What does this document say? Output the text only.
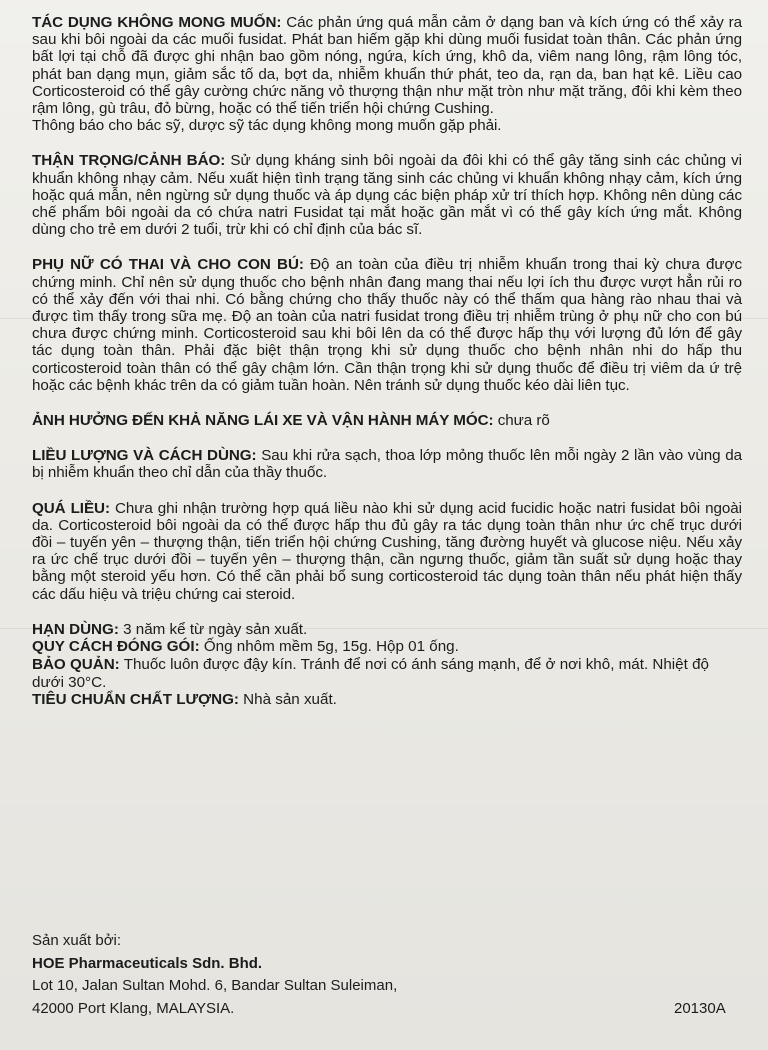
TÁC DỤNG KHÔNG MONG MUỐN: Các phản ứng quá mẫn cảm ở dạng ban và kích ứng có thể xảy ra sau khi bôi ngoài da các muối fusidat. Phát ban hiếm gặp khi dùng muối fusidat toàn thân. Các phản ứng bất lợi tại chỗ đã được ghi nhận bao gồm nóng, ngứa, kích ứng, khô da, viêm nang lông, rậm lông tóc, phát ban dạng mụn, giảm sắc tố da, bợt da, nhiễm khuẩn thứ phát, teo da, rạn da, ban hạt kê. Liều cao Corticosteroid có thể gây cường chức năng vỏ thượng thận như mặt tròn như mặt trăng, đôi khi kèm theo rậm lông, gù trâu, đỏ bừng, hoặc có thể tiến triển hội chứng Cushing.

Thông báo cho bác sỹ, dược sỹ tác dụng không mong muốn gặp phải.

THẬN TRỌNG/CẢNH BÁO: Sử dụng kháng sinh bôi ngoài da đôi khi có thể gây tăng sinh các chủng vi khuẩn không nhạy cảm. Nếu xuất hiện tình trạng tăng sinh các chủng vi khuẩn không nhạy cảm, kích ứng hoặc quá mẫn, nên ngừng sử dụng thuốc và áp dụng các biện pháp xử trí thích hợp. Không nên dùng các chế phẩm bôi ngoài da có chứa natri Fusidat tại mắt hoặc gần mắt vì có thể gây kích ứng mắt. Không dùng cho trẻ em dưới 2 tuổi, trừ khi có chỉ định của bác sĩ.

PHỤ NỮ CÓ THAI VÀ CHO CON BÚ: Độ an toàn của điều trị nhiễm khuẩn trong thai kỳ chưa được chứng minh. Chỉ nên sử dụng thuốc cho bệnh nhân đang mang thai nếu lợi ích thu được vượt hẳn rủi ro có thể xảy đến với thai nhi. Có bằng chứng cho thấy thuốc này có thể thấm qua hàng rào nhau thai và được tìm thấy trong sữa mẹ. Độ an toàn của natri fusidat trong điều trị nhiễm trùng ở phụ nữ cho con bú chưa được chứng minh. Corticosteroid sau khi bôi lên da có thể được hấp thụ với lượng đủ lớn để gây tác dụng toàn thân. Phải đặc biệt thận trọng khi sử dụng thuốc cho bệnh nhân nhi do hấp thu corticosteroid toàn thân có thể gây chậm lớn. Cần thận trọng khi sử dụng thuốc để điều trị viêm da ứ trệ hoặc các bệnh khác trên da có giảm tuần hoàn. Nên tránh sử dụng thuốc kéo dài liên tục.

ẢNH HƯỞNG ĐẾN KHẢ NĂNG LÁI XE VÀ VẬN HÀNH MÁY MÓC: chưa rõ

LIỀU LƯỢNG VÀ CÁCH DÙNG: Sau khi rửa sạch, thoa lớp mỏng thuốc lên mỗi ngày 2 lần vào vùng da bị nhiễm khuẩn theo chỉ dẫn của thầy thuốc.

QUÁ LIỀU: Chưa ghi nhận trường hợp quá liều nào khi sử dụng acid fucidic hoặc natri fusidat bôi ngoài da. Corticosteroid bôi ngoài da có thể được hấp thu đủ gây ra tác dụng toàn thân như ức chế trục dưới đồi – tuyến yên – thượng thận, tiến triển hội chứng Cushing, tăng đường huyết và glucose niệu. Nếu xảy ra ức chế trục dưới đồi – tuyến yên – thượng thận, cần ngưng thuốc, giảm tần suất sử dụng hoặc thay bằng một steroid yếu hơn. Có thể cần phải bổ sung corticosteroid tác dụng toàn thân nếu phát hiện thấy các dấu hiệu và triệu chứng cai steroid.

HẠN DÙNG: 3 năm kể từ ngày sản xuất.

QUY CÁCH ĐÓNG GÓI: Ống nhôm mềm 5g, 15g. Hộp 01 ống.

BẢO QUẢN: Thuốc luôn được đậy kín. Tránh để nơi có ánh sáng mạnh, để ở nơi khô, mát. Nhiệt độ dưới 30°C.

TIÊU CHUẨN CHẤT LƯỢNG: Nhà sản xuất.

Sản xuất bởi:
HOE Pharmaceuticals Sdn. Bhd.
Lot 10, Jalan Sultan Mohd. 6, Bandar Sultan Suleiman,
42000 Port Klang, MALAYSIA.	20130A
